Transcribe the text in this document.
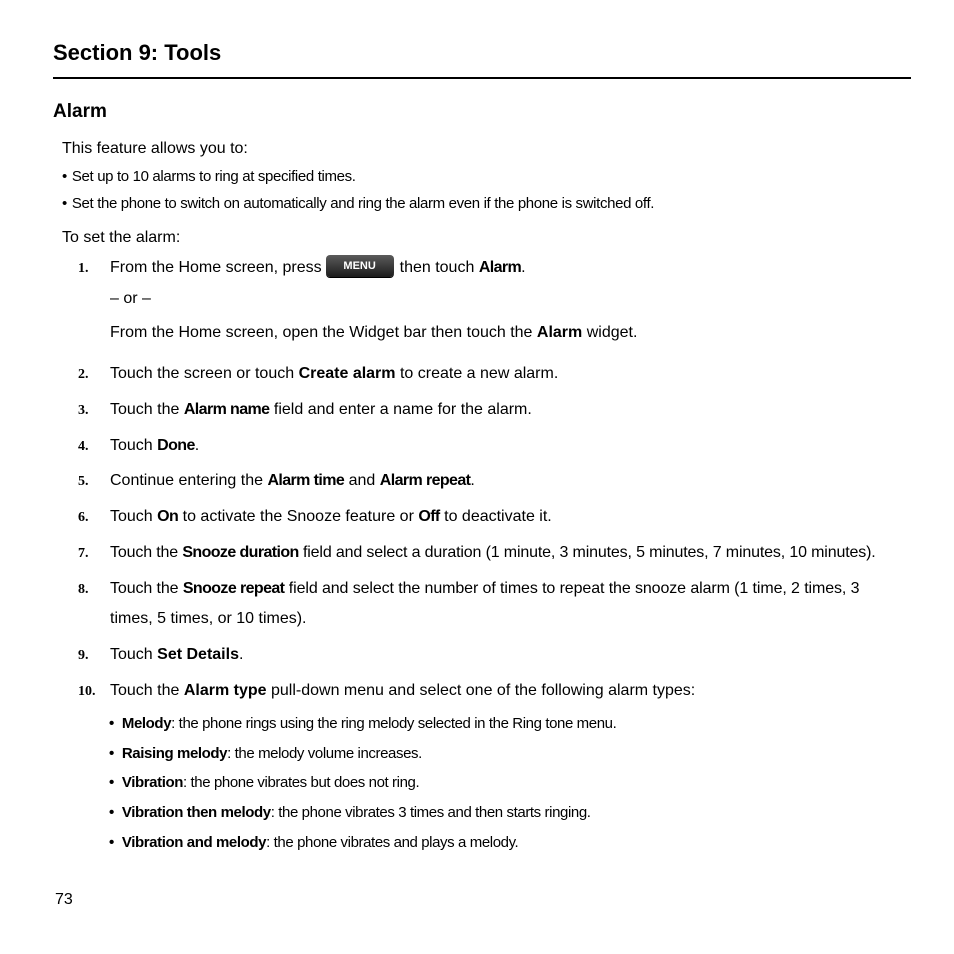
Section 9: Tools
Alarm
This feature allows you to:
• Set up to 10 alarms to ring at specified times.
• Set the phone to switch on automatically and ring the alarm even if the phone is switched off.
To set the alarm:
1. From the Home screen, press MENU then touch Alarm.
– or –
From the Home screen, open the Widget bar then touch the Alarm widget.
2. Touch the screen or touch Create alarm to create a new alarm.
3. Touch the Alarm name field and enter a name for the alarm.
4. Touch Done.
5. Continue entering the Alarm time and Alarm repeat.
6. Touch On to activate the Snooze feature or Off to deactivate it.
7. Touch the Snooze duration field and select a duration (1 minute, 3 minutes, 5 minutes, 7 minutes, 10 minutes).
8. Touch the Snooze repeat field and select the number of times to repeat the snooze alarm (1 time, 2 times, 3
times, 5 times, or 10 times).
9. Touch Set Details.
10. Touch the Alarm type pull-down menu and select one of the following alarm types:
• Melody: the phone rings using the ring melody selected in the Ring tone menu.
• Raising melody: the melody volume increases.
• Vibration: the phone vibrates but does not ring.
• Vibration then melody: the phone vibrates 3 times and then starts ringing.
• Vibration and melody: the phone vibrates and plays a melody.
73
